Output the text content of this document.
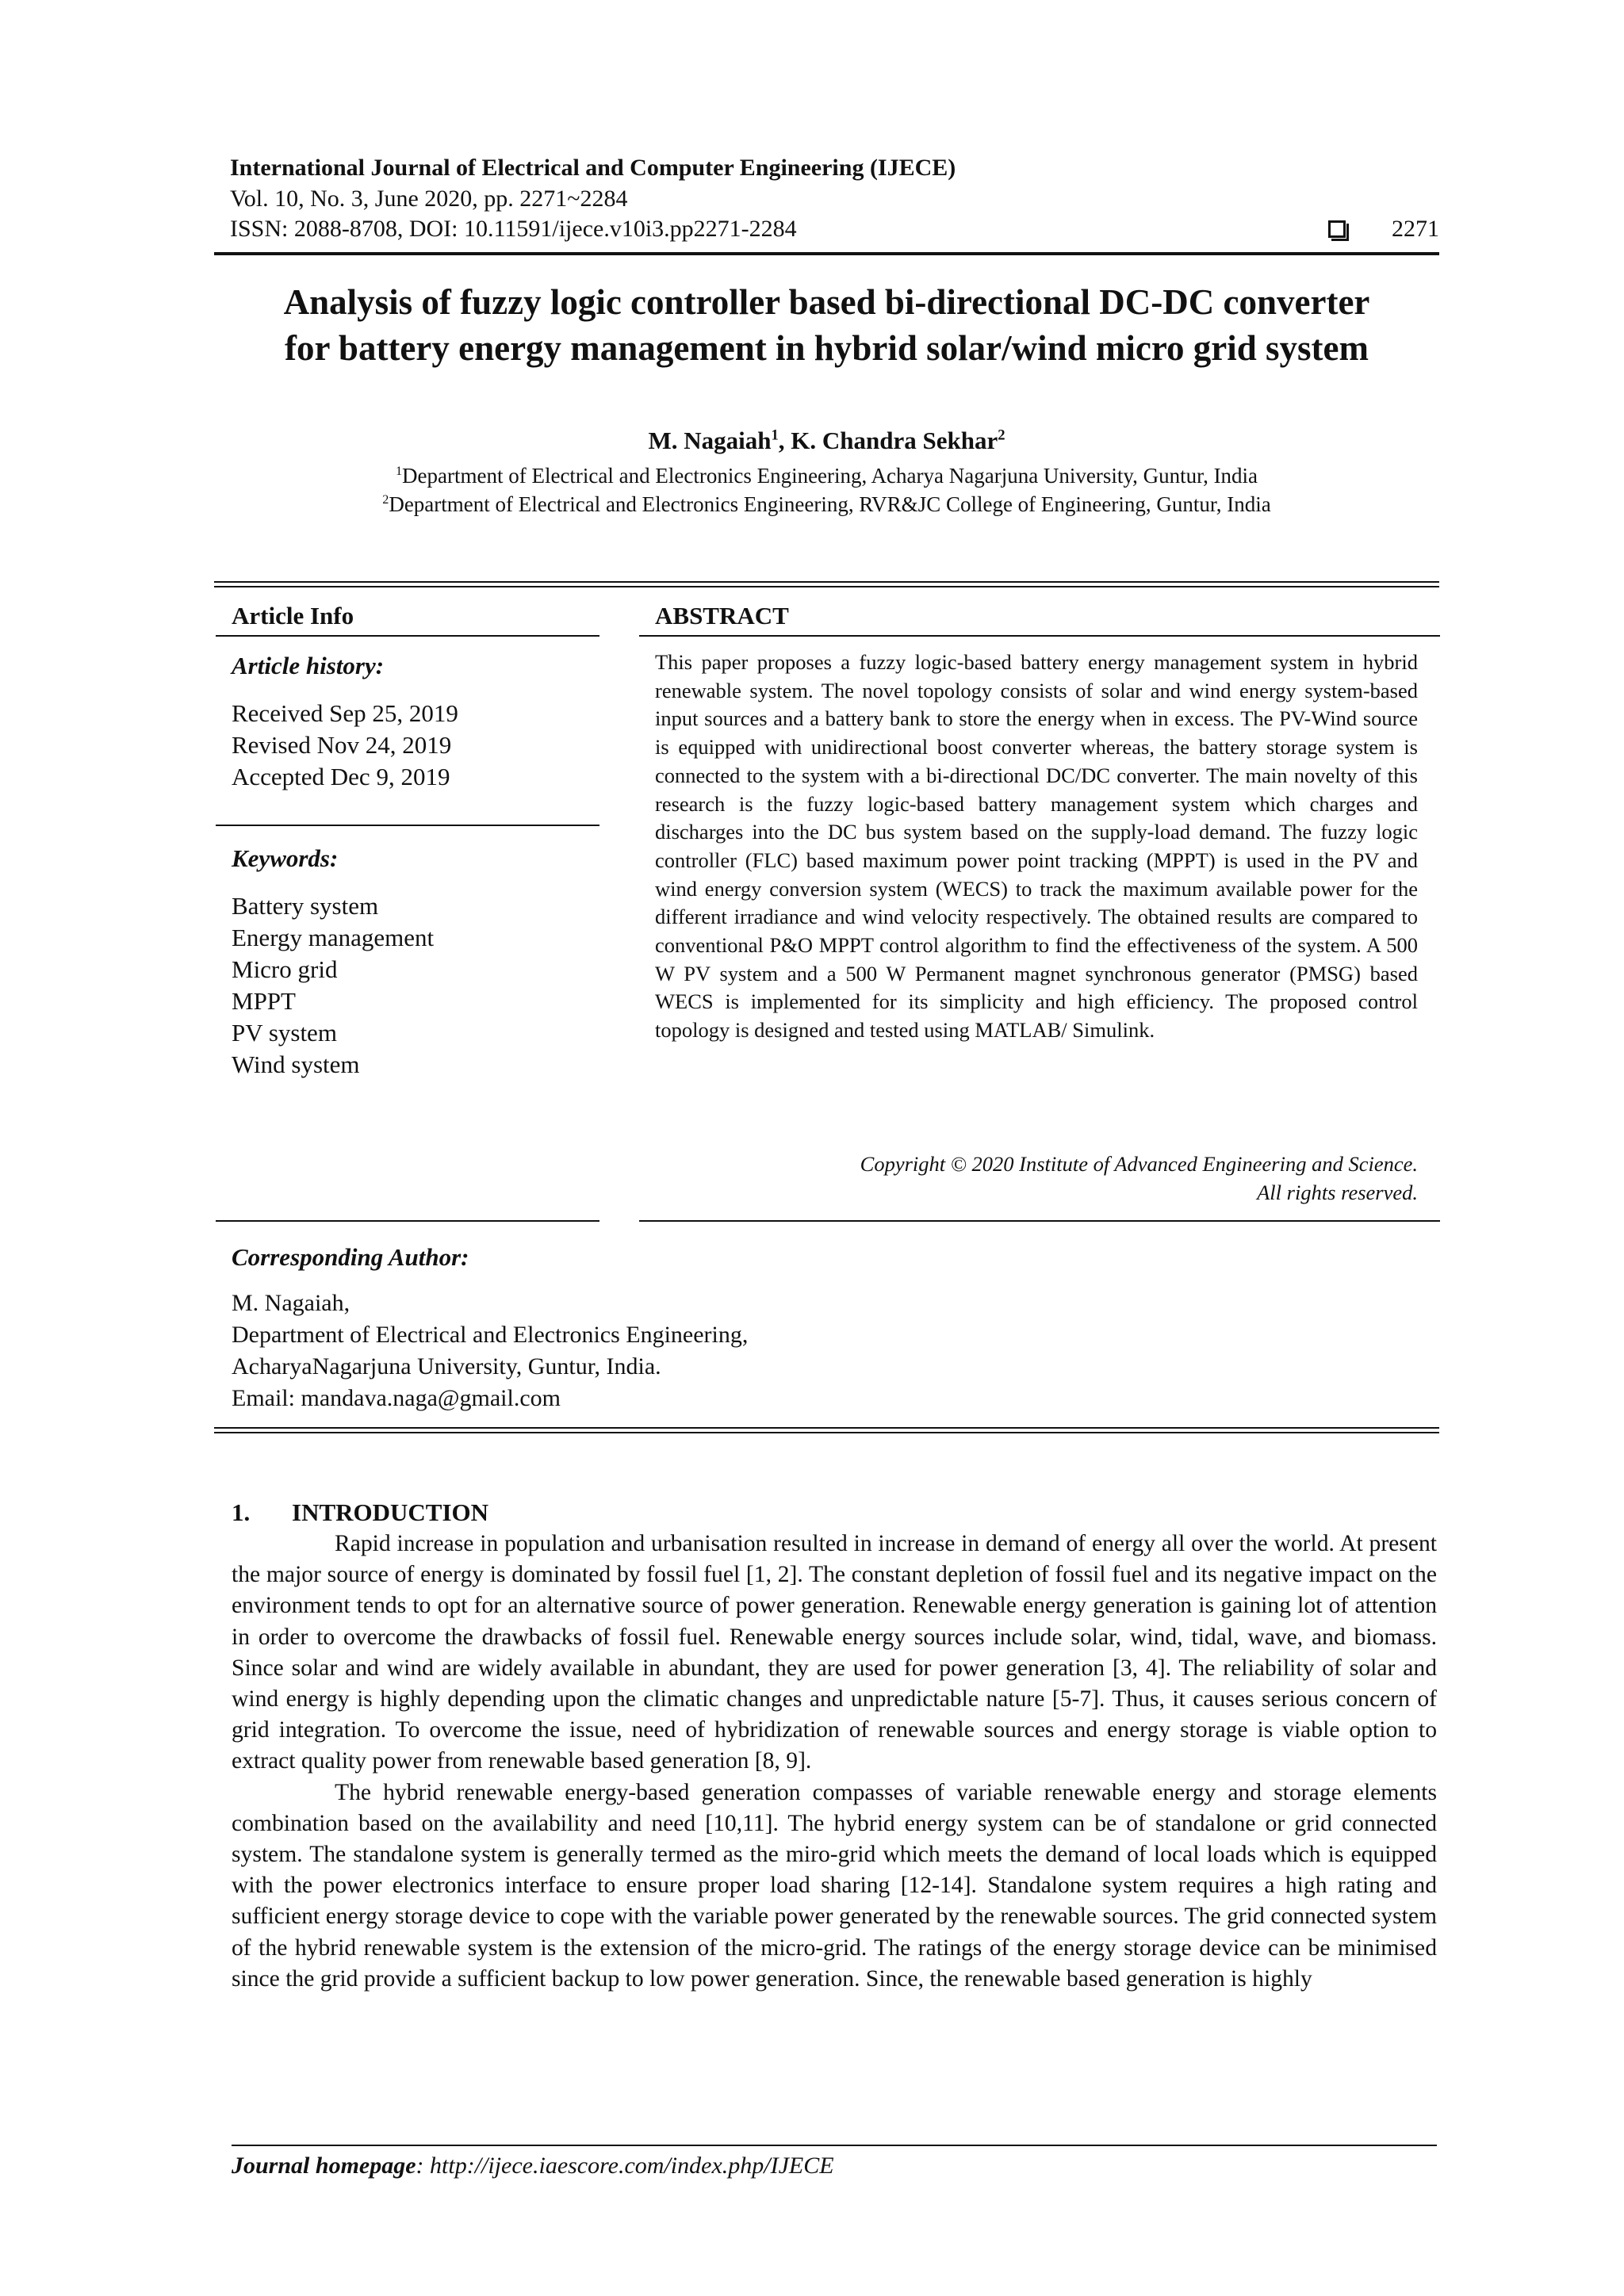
International Journal of Electrical and Computer Engineering (IJECE)
Vol. 10, No. 3, June 2020, pp. 2271~2284
ISSN: 2088-8708, DOI: 10.11591/ijece.v10i3.pp2271-2284	2271
Analysis of fuzzy logic controller based bi-directional DC-DC converter
for battery energy management in hybrid solar/wind micro grid system
M. Nagaiah$^1$, K. Chandra Sekhar$^2$
$^1$Department of Electrical and Electronics Engineering, Acharya Nagarjuna University, Guntur, India
$^2$Department of Electrical and Electronics Engineering, RVR&JC College of Engineering, Guntur, India
Article Info
Article history:
Received Sep 25, 2019
Revised Nov 24, 2019
Accepted Dec 9, 2019
Keywords:
Battery system
Energy management
Micro grid
MPPT
PV system
Wind system
ABSTRACT
This paper proposes a fuzzy logic-based battery energy management system in hybrid renewable system. The novel topology consists of solar and wind energy system-based input sources and a battery bank to store the energy when in excess. The PV-Wind source is equipped with unidirectional boost converter whereas, the battery storage system is connected to the system with a bi-directional DC/DC converter. The main novelty of this research is the fuzzy logic-based battery management system which charges and discharges into the DC bus system based on the supply-load demand. The fuzzy logic controller (FLC) based maximum power point tracking (MPPT) is used in the PV and wind energy conversion system (WECS) to track the maximum available power for the different irradiance and wind velocity respectively. The obtained results are compared to conventional P&O MPPT control algorithm to find the effectiveness of the system. A 500 W PV system and a 500 W Permanent magnet synchronous generator (PMSG) based WECS is implemented for its simplicity and high efficiency. The proposed control topology is designed and tested using MATLAB/ Simulink.
Copyright © 2020 Institute of Advanced Engineering and Science.
All rights reserved.
Corresponding Author:
M. Nagaiah,
Department of Electrical and Electronics Engineering,
AcharyaNagarjuna University, Guntur, India.
Email: mandava.naga@gmail.com
1. INTRODUCTION

Rapid increase in population and urbanisation resulted in increase in demand of energy all over the world. At present the major source of energy is dominated by fossil fuel [1, 2]. The constant depletion of fossil fuel and its negative impact on the environment tends to opt for an alternative source of power generation. Renewable energy generation is gaining lot of attention in order to overcome the drawbacks of fossil fuel. Renewable energy sources include solar, wind, tidal, wave, and biomass. Since solar and wind are widely available in abundant, they are used for power generation [3, 4]. The reliability of solar and wind energy is highly depending upon the climatic changes and unpredictable nature [5-7]. Thus, it causes serious concern of grid integration. To overcome the issue, need of hybridization of renewable sources and energy storage is viable option to extract quality power from renewable based generation [8, 9].

The hybrid renewable energy-based generation compasses of variable renewable energy and storage elements combination based on the availability and need [10,11]. The hybrid energy system can be of standalone or grid connected system. The standalone system is generally termed as the miro-grid which meets the demand of local loads which is equipped with the power electronics interface to ensure proper load sharing [12-14]. Standalone system requires a high rating and sufficient energy storage device to cope with the variable power generated by the renewable sources. The grid connected system of the hybrid renewable system is the extension of the micro-grid. The ratings of the energy storage device can be minimised since the grid provide a sufficient backup to low power generation. Since, the renewable based generation is highly

Journal homepage: http://ijece.iaescore.com/index.php/IJECE
